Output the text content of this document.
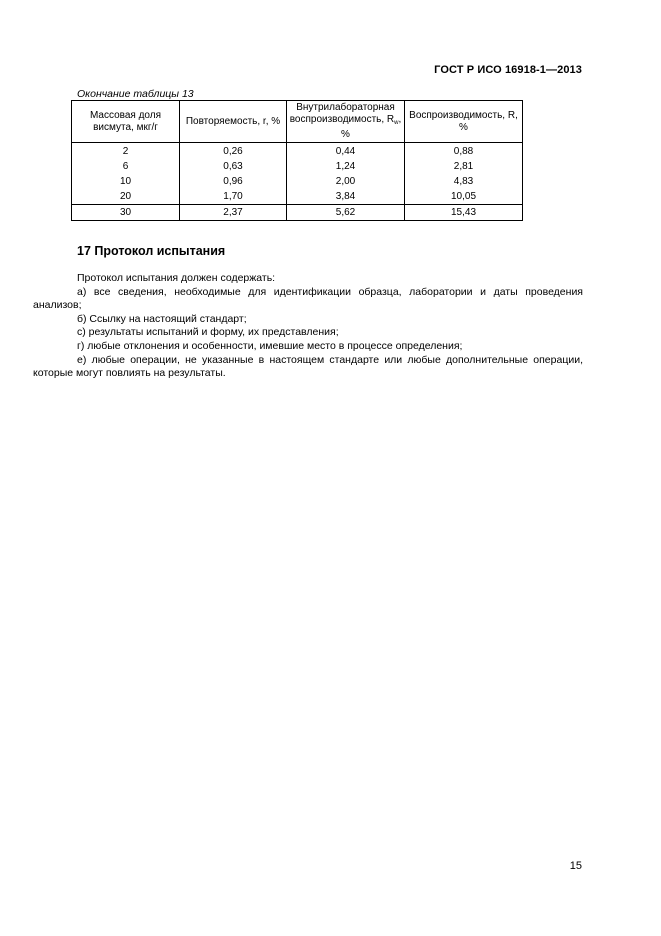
ГОСТ Р ИСО 16918-1—2013
Окончание таблицы 13
Массовая доля висмута, мкг/г	Повторяемость, r, %	Внутрилабораторная воспроизводимость, $R_w$, %	Воспроизводимость, R, %
2	0,26	0,44	0,88
6	0,63	1,24	2,81
10	0,96	2,00	4,83
20	1,70	3,84	10,05
30	2,37	5,62	15,43
17 Протокол испытания

Протокол испытания должен содержать:

а) все сведения, необходимые для идентификации образца, лаборатории и даты проведения анализов;

б) Ссылку на настоящий стандарт;

с) результаты испытаний и форму, их представления;

г) любые отклонения и особенности, имевшие место в процессе определения;

е) любые операции, не указанные в настоящем стандарте или любые дополнительные операции, которые могут повлиять на результаты.

15
